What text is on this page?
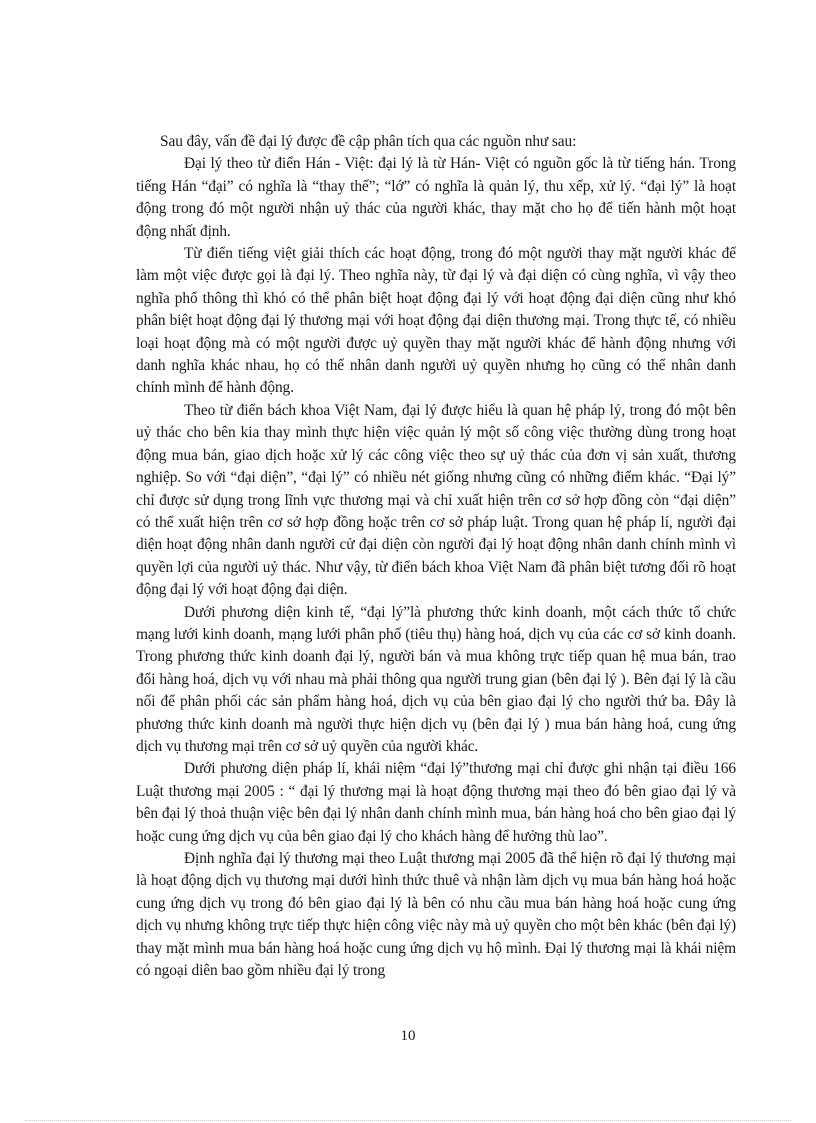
Sau đây, vấn đề đại lý được đề cập phân tích qua các nguồn như sau:

Đại lý theo từ điển Hán - Việt: đại lý là từ Hán- Việt có nguồn gốc là từ tiếng hán. Trong tiếng Hán “đại” có nghĩa là “thay thế”; “lớ” có nghĩa là quản lý, thu xếp, xử lý. “đại lý” là hoạt động trong đó một người nhận uỷ thác của người khác, thay mặt cho họ để tiến hành một hoạt động nhất định.

Từ điển tiếng việt giải thích các hoạt động, trong đó một người thay mặt người khác để làm một việc được gọi là đại lý. Theo nghĩa này, từ đại lý và đại diện có cùng nghĩa, vì vậy theo nghĩa phổ thông thì khó có thể phân biệt hoạt động đại lý với hoạt động đại diện cũng như khó phân biệt hoạt động đại lý thương mại với hoạt động đại diện thương mại. Trong thực tế, có nhiều loại hoạt động mà có một người được uỷ quyền thay mặt người khác để hành động nhưng với danh nghĩa khác nhau, họ có thể nhân danh người uỷ quyền nhưng họ cũng có thể nhân danh chính mình để hành động.

Theo từ điển bách khoa Việt Nam, đại lý được hiểu là quan hệ pháp lý, trong đó một bên uỷ thác cho bên kia thay mình thực hiện việc quản lý một số công việc thường dùng trong hoạt động mua bán, giao dịch hoặc xử lý các công việc theo sự uỷ thác của đơn vị sản xuất, thương nghiệp. So với “đại diện”, “đại lý” có nhiều nét giống nhưng cũng có những điểm khác. “Đại lý” chỉ được sử dụng trong lĩnh vực thương mại và chỉ xuất hiện trên cơ sở hợp đồng còn “đại diện” có thể xuất hiện trên cơ sở hợp đồng hoặc trên cơ sở pháp luật. Trong quan hệ pháp lí, người đại diện hoạt động nhân danh người cử đại diện còn người đại lý hoạt động nhân danh chính mình vì quyền lợi của người uỷ thác. Như vậy, từ điển bách khoa Việt Nam đã phân biệt tương đối rõ hoạt động đại lý với hoạt động đại diện.

Dưới phương diện kinh tế, “đại lý”là phương thức kinh doanh, một cách thức tổ chức mạng lưới kinh doanh, mạng lưới phân phố (tiêu thụ) hàng hoá, dịch vụ của các cơ sở kinh doanh. Trong phương thức kinh doanh đại lý, người bán và mua không trực tiếp quan hệ mua bán, trao đổi hàng hoá, dịch vụ với nhau mà phải thông qua người trung gian (bên đại lý ). Bên đại lý là cầu nối để phân phối các sản phẩm hàng hoá, dịch vụ của bên giao đại lý cho người thứ ba. Đây là phương thức kinh doanh mà người thực hiện dịch vụ (bên đại lý ) mua bán hàng hoá, cung ứng dịch vụ thương mại trên cơ sở uỷ quyền của người khác.

Dưới phương diện pháp lí, khái niệm “đại lý”thương mại chỉ được ghi nhận tại điều 166 Luật thương mại 2005 : “ đại lý thương mại là hoạt động thương mại theo đó bên giao đại lý và bên đại lý thoả thuận việc bên đại lý nhân danh chính mình mua, bán hàng hoá cho bên giao đại lý hoặc cung ứng dịch vụ của bên giao đại lý cho khách hàng để hưởng thù lao”.

Định nghĩa đại lý thương mại theo Luật thương mại 2005 đã thể hiện rõ đại lý thương mại là hoạt động dịch vụ thương mại dưới hình thức thuê và nhận làm dịch vụ mua bán hàng hoá hoặc cung ứng dịch vụ trong đó bên giao đại lý là bên có nhu cầu mua bán hàng hoá hoặc cung ứng dịch vụ nhưng không trực tiếp thực hiện công việc này mà uỷ quyền cho một bên khác (bên đại lý) thay mặt mình mua bán hàng hoá hoặc cung ứng dịch vụ hộ mình. Đại lý thương mại là khái niệm có ngoại diên bao gồm nhiều đại lý trong

10
